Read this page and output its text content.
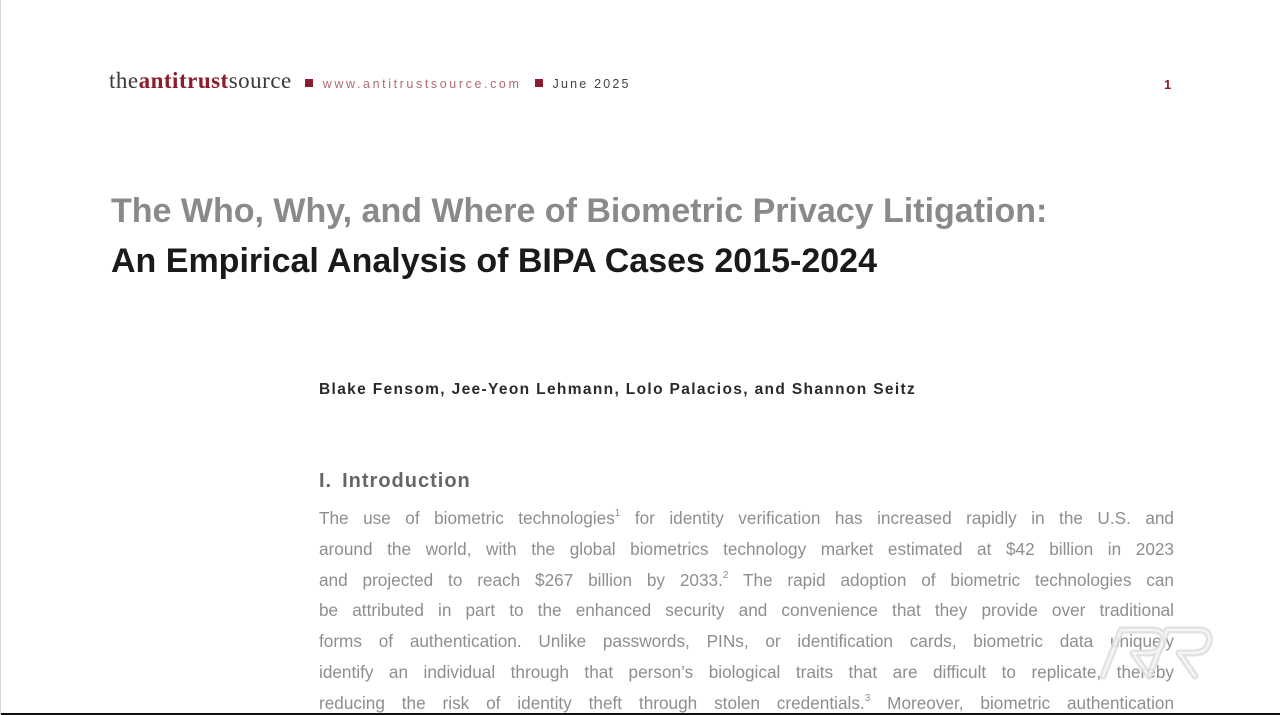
theantitrustsource www.antitrustsource.com June 2025	1
The Who, Why, and Where of Biometric Privacy Litigation:
An Empirical Analysis of BIPA Cases 2015-2024
Blake Fensom, Jee-Yeon Lehmann, Lolo Palacios, and Shannon Seitz
I. Introduction
The use of biometric technologies$^1$ for identity verification has increased rapidly in the U.S. and
around the world, with the global biometrics technology market estimated at $42 billion in 2023
and projected to reach $267 billion by 2033.$^2$ The rapid adoption of biometric technologies can
be attributed in part to the enhanced security and convenience that they provide over traditional
forms of authentication. Unlike passwords, PINs, or identification cards, biometric data uniquely
identify an individual through that person’s biological traits that are difficult to replicate, thereby
reducing the risk of identity theft through stolen credentials.$^3$ Moreover, biometric authentication
